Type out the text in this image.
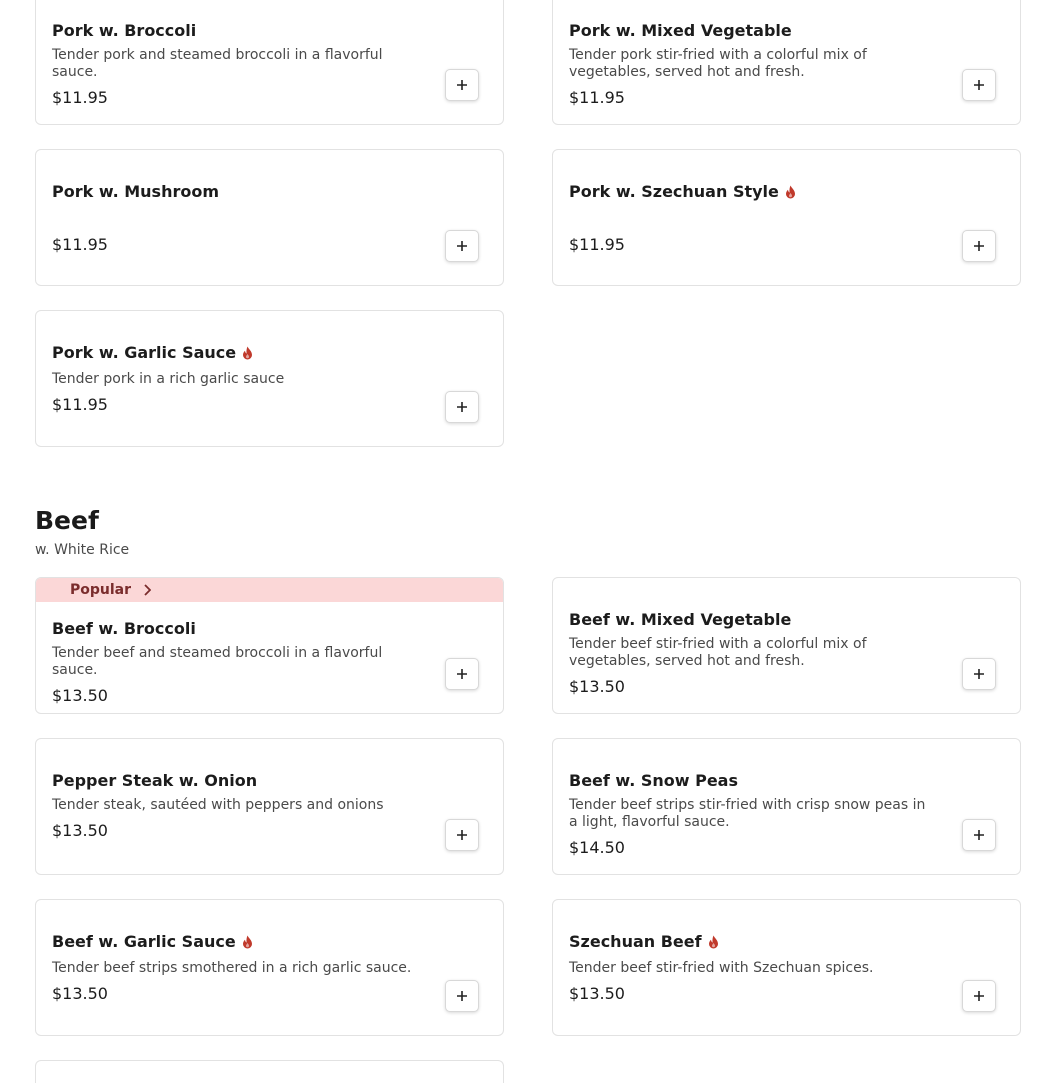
Pork w. Broccoli
Tender pork and steamed broccoli in a flavorful sauce.
$11.95
Pork w. Mixed Vegetable
Tender pork stir-fried with a colorful mix of vegetables, served hot and fresh.
$11.95
Pork w. Mushroom
$11.95
Pork w. Szechuan Style
$11.95
Pork w. Garlic Sauce
Tender pork in a rich garlic sauce
$11.95
Beef
w. White Rice
Popular
Beef w. Broccoli
Tender beef and steamed broccoli in a flavorful sauce.
$13.50
Beef w. Mixed Vegetable
Tender beef stir-fried with a colorful mix of vegetables, served hot and fresh.
$13.50
Pepper Steak w. Onion
Tender steak, sautéed with peppers and onions
$13.50
Beef w. Snow Peas
Tender beef strips stir-fried with crisp snow peas in a light, flavorful sauce.
$14.50
Beef w. Garlic Sauce
Tender beef strips smothered in a rich garlic sauce.
$13.50
Szechuan Beef
Tender beef stir-fried with Szechuan spices.
$13.50
